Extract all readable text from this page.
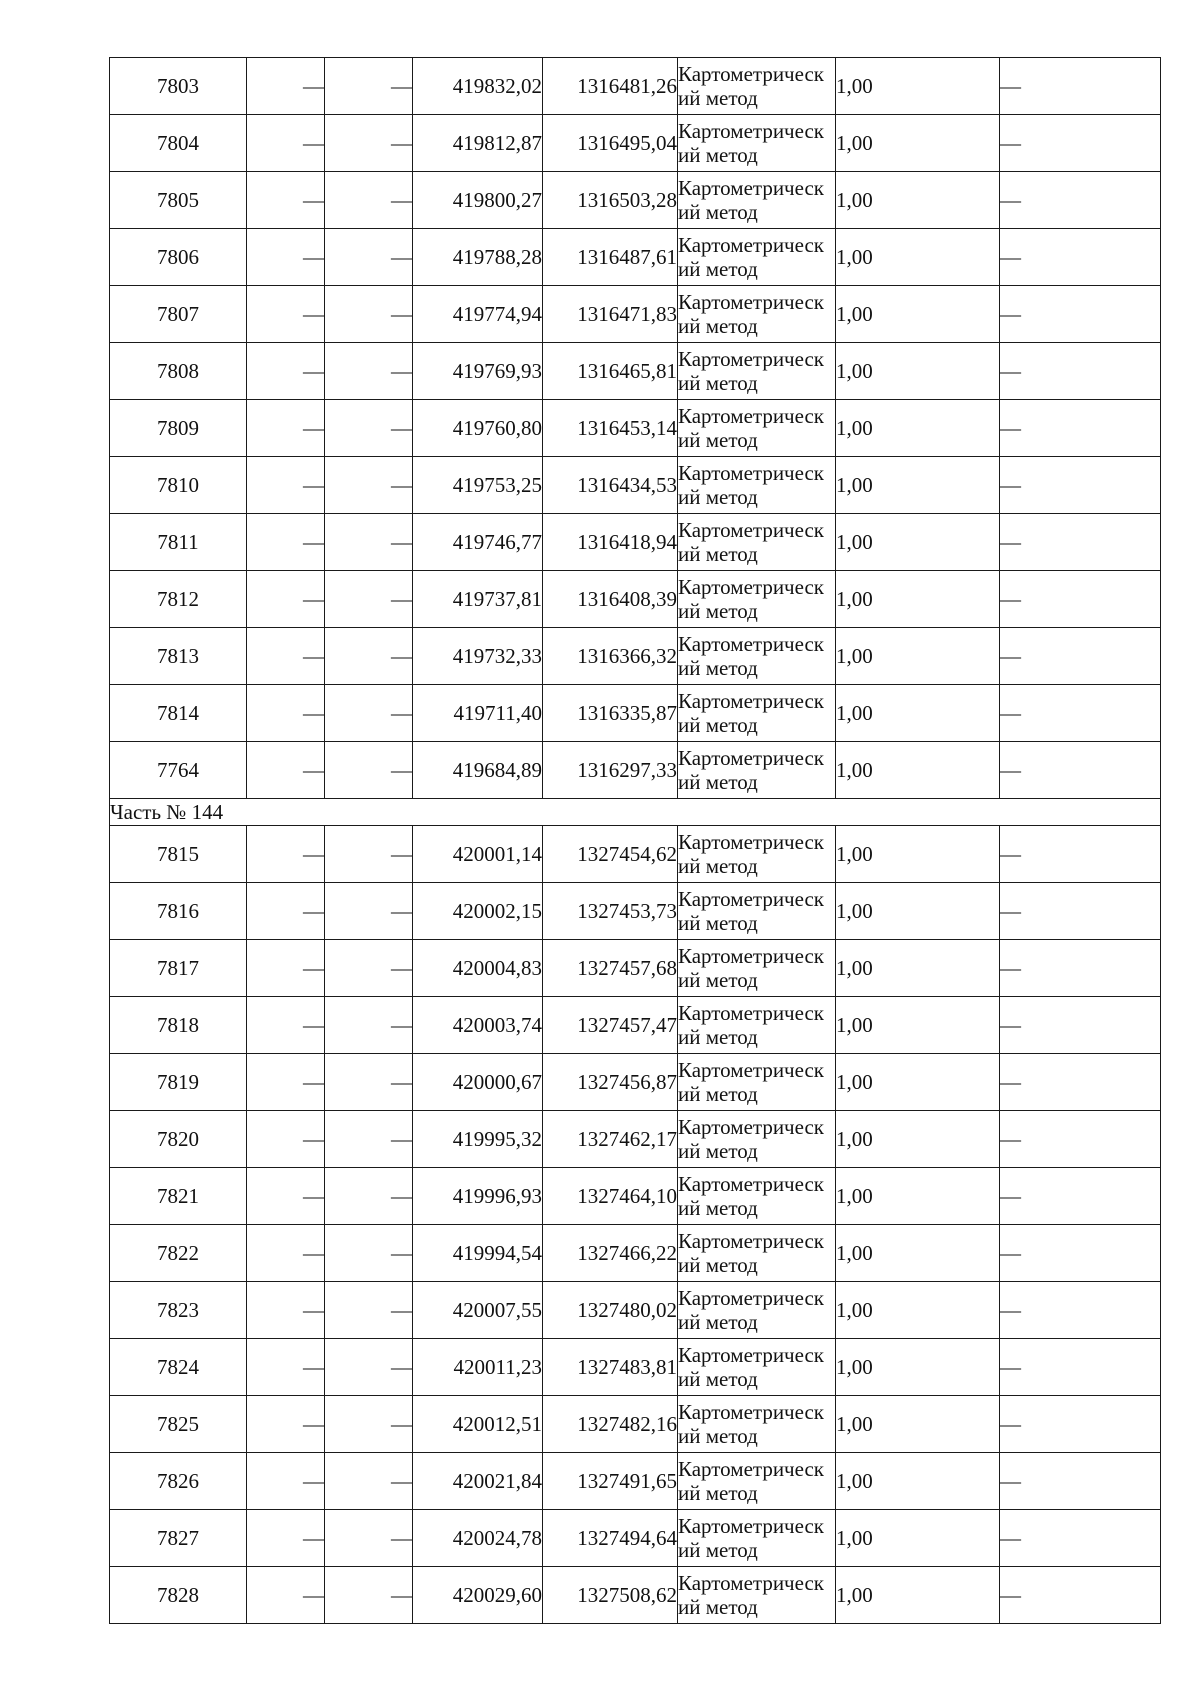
7803	—	—	419832,02	1316481,26	Картометрический метод	1,00	—
7804	—	—	419812,87	1316495,04	Картометрический метод	1,00	—
7805	—	—	419800,27	1316503,28	Картометрический метод	1,00	—
7806	—	—	419788,28	1316487,61	Картометрический метод	1,00	—
7807	—	—	419774,94	1316471,83	Картометрический метод	1,00	—
7808	—	—	419769,93	1316465,81	Картометрический метод	1,00	—
7809	—	—	419760,80	1316453,14	Картометрический метод	1,00	—
7810	—	—	419753,25	1316434,53	Картометрический метод	1,00	—
7811	—	—	419746,77	1316418,94	Картометрический метод	1,00	—
7812	—	—	419737,81	1316408,39	Картометрический метод	1,00	—
7813	—	—	419732,33	1316366,32	Картометрический метод	1,00	—
7814	—	—	419711,40	1316335,87	Картометрический метод	1,00	—
7764	—	—	419684,89	1316297,33	Картометрический метод	1,00	—
Часть № 144							
7815	—	—	420001,14	1327454,62	Картометрический метод	1,00	—
7816	—	—	420002,15	1327453,73	Картометрический метод	1,00	—
7817	—	—	420004,83	1327457,68	Картометрический метод	1,00	—
7818	—	—	420003,74	1327457,47	Картометрический метод	1,00	—
7819	—	—	420000,67	1327456,87	Картометрический метод	1,00	—
7820	—	—	419995,32	1327462,17	Картометрический метод	1,00	—
7821	—	—	419996,93	1327464,10	Картометрический метод	1,00	—
7822	—	—	419994,54	1327466,22	Картометрический метод	1,00	—
7823	—	—	420007,55	1327480,02	Картометрический метод	1,00	—
7824	—	—	420011,23	1327483,81	Картометрический метод	1,00	—
7825	—	—	420012,51	1327482,16	Картометрический метод	1,00	—
7826	—	—	420021,84	1327491,65	Картометрический метод	1,00	—
7827	—	—	420024,78	1327494,64	Картометрический метод	1,00	—
7828	—	—	420029,60	1327508,62	Картометрический метод	1,00	—
